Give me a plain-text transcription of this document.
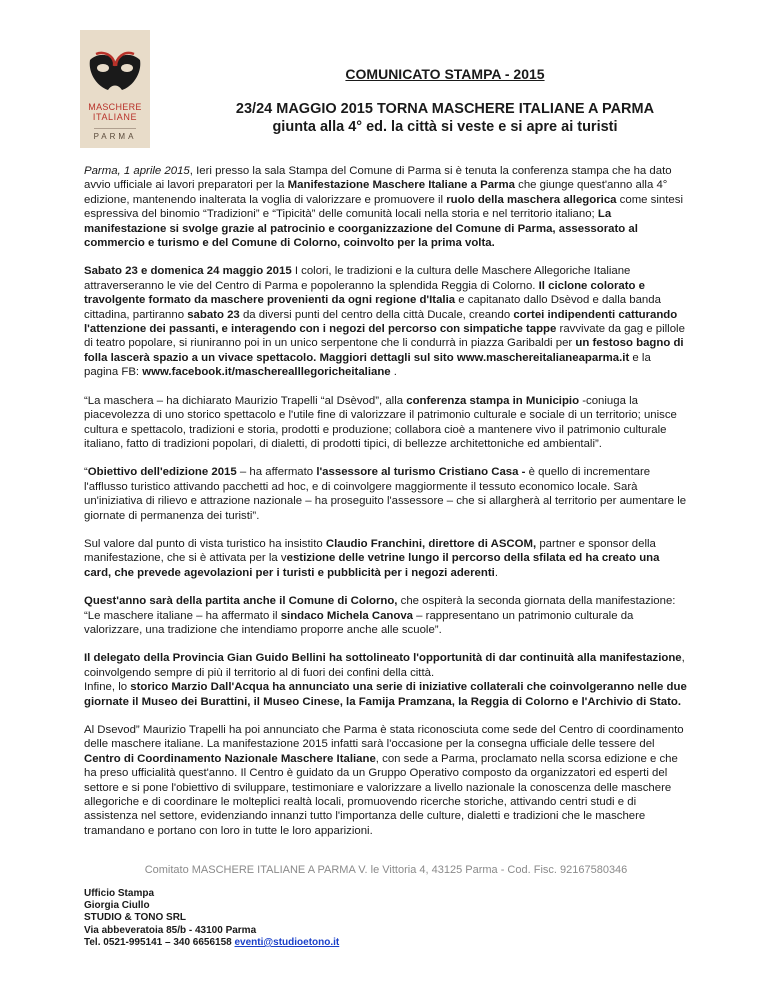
MASCHERE
ITALIANE
PARMA
COMUNICATO STAMPA - 2015
23/24 MAGGIO 2015 TORNA MASCHERE ITALIANE A PARMA
giunta alla 4° ed. la città si veste e si apre ai turisti

Parma, 1 aprile 2015, Ieri presso la sala Stampa del Comune di Parma si è tenuta la conferenza stampa che ha dato avvio ufficiale ai lavori preparatori per la Manifestazione Maschere Italiane a Parma che giunge quest'anno alla 4° edizione, mantenendo inalterata la voglia di valorizzare e promuovere il ruolo della maschera allegorica come sintesi espressiva del binomio “Tradizioni” e “Tipicità” delle comunità locali nella storia e nel territorio italiano; La manifestazione si svolge grazie al patrocinio e coorganizzazione del Comune di Parma, assessorato al commercio e turismo e del Comune di Colorno, coinvolto per la prima volta.

Sabato 23 e domenica 24 maggio 2015 I colori, le tradizioni e la cultura delle Maschere Allegoriche Italiane attraverseranno le vie del Centro di Parma e popoleranno la splendida Reggia di Colorno. Il ciclone colorato e travolgente formato da maschere provenienti da ogni regione d'Italia e capitanato dallo Dsèvod e dalla banda cittadina, partiranno sabato 23 da diversi punti del centro della città Ducale, creando cortei indipendenti catturando l'attenzione dei passanti, e interagendo con i negozi del percorso con simpatiche tappe ravvivate da gag e pillole di teatro popolare, si riuniranno poi in un unico serpentone che li condurrà in piazza Garibaldi per un festoso bagno di folla lascerà spazio a un vivace spettacolo. Maggiori dettagli sul sito www.maschereitalianeaparma.it e la pagina FB: www.facebook.it/mascherealllegoricheitaliane .

“La maschera – ha dichiarato Maurizio Trapelli “al Dsèvod”, alla conferenza stampa in Municipio -coniuga la piacevolezza di uno storico spettacolo e l'utile fine di valorizzare il patrimonio culturale e sociale di un territorio; unisce cultura e spettacolo, tradizioni e storia, prodotti e produzione; collabora cioè a mantenere vivo il patrimonio culturale italiano, fatto di tradizioni popolari, di dialetti, di prodotti tipici, di bellezze architettoniche ed ambientali”.

“Obiettivo dell'edizione 2015 – ha affermato l'assessore al turismo Cristiano Casa - è quello di incrementare l'afflusso turistico attivando pacchetti ad hoc, e di coinvolgere maggiormente il tessuto economico locale. Sarà un'iniziativa di rilievo e attrazione nazionale – ha proseguito l'assessore – che si allargherà al territorio per aumentare le giornate di permanenza dei turisti”.

Sul valore dal punto di vista turistico ha insistito Claudio Franchini, direttore di ASCOM, partner e sponsor della manifestazione, che si è attivata per la vestizione delle vetrine lungo il percorso della sfilata ed ha creato una card, che prevede agevolazioni per i turisti e pubblicità per i negozi aderenti.

Quest'anno sarà della partita anche il Comune di Colorno, che ospiterà la seconda giornata della manifestazione: “Le maschere italiane – ha affermato il sindaco Michela Canova – rappresentano un patrimonio culturale da valorizzare, una tradizione che intendiamo proporre anche alle scuole”.

Il delegato della Provincia Gian Guido Bellini ha sottolineato l'opportunità di dar continuità alla manifestazione, coinvolgendo sempre di più il territorio al di fuori dei confini della città.
Infine, lo storico Marzio Dall'Acqua ha annunciato una serie di iniziative collaterali che coinvolgeranno nelle due giornate il Museo dei Burattini, il Museo Cinese, la Famija Pramzana, la Reggia di Colorno e l'Archivio di Stato.

Al Dsevod” Maurizio Trapelli ha poi annunciato che Parma è stata riconosciuta come sede del Centro di coordinamento delle maschere italiane. La manifestazione 2015 infatti sarà l'occasione per la consegna ufficiale delle tessere del Centro di Coordinamento Nazionale Maschere Italiane, con sede a Parma, proclamato nella scorsa edizione e che ha preso ufficialità quest'anno. Il Centro è guidato da un Gruppo Operativo composto da organizzatori ed esperti del settore e si pone l'obiettivo di sviluppare, testimoniare e valorizzare a livello nazionale la conoscenza delle maschere allegoriche e di coordinare le molteplici realtà locali, promuovendo ricerche storiche, attivando centri studi e di assistenza nel settore, evidenziando innanzi tutto l'importanza delle culture, dialetti e tradizioni che le maschere tramandano e portano con loro in tutte le loro apparizioni.

Comitato MASCHERE ITALIANE A PARMA V. le Vittoria 4, 43125 Parma - Cod. Fisc. 92167580346
Ufficio Stampa
Giorgia Ciullo
STUDIO & TONO SRL
Via abbeveratoia 85/b - 43100 Parma
Tel. 0521-995141 – 340 6656158 eventi@studioetono.it
